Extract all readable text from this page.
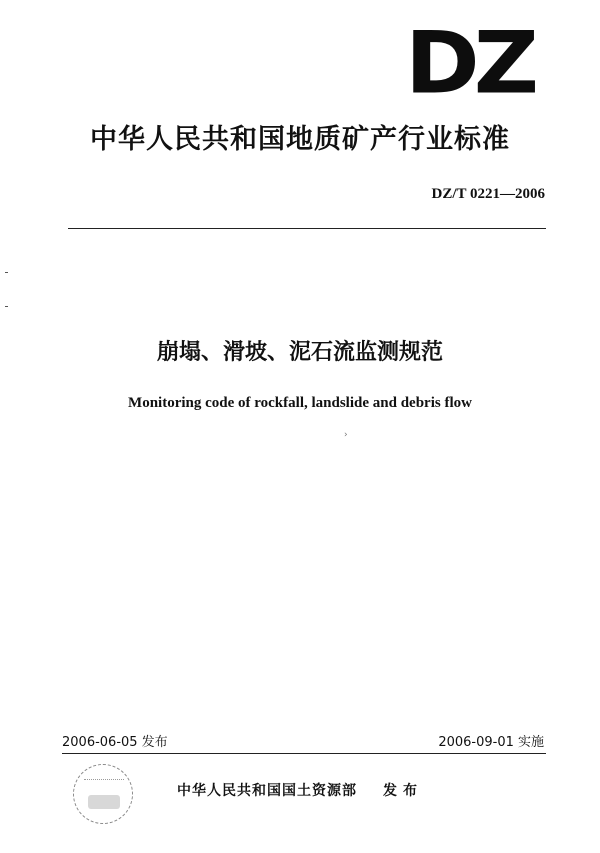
DZ
中华人民共和国地质矿产行业标准
DZ/T 0221—2006
崩塌、滑坡、泥石流监测规范
Monitoring code of rockfall, landslide and debris flow
›
2006-06-05 发布	2006-09-01 实施
中华人民共和国国土资源部 发布
